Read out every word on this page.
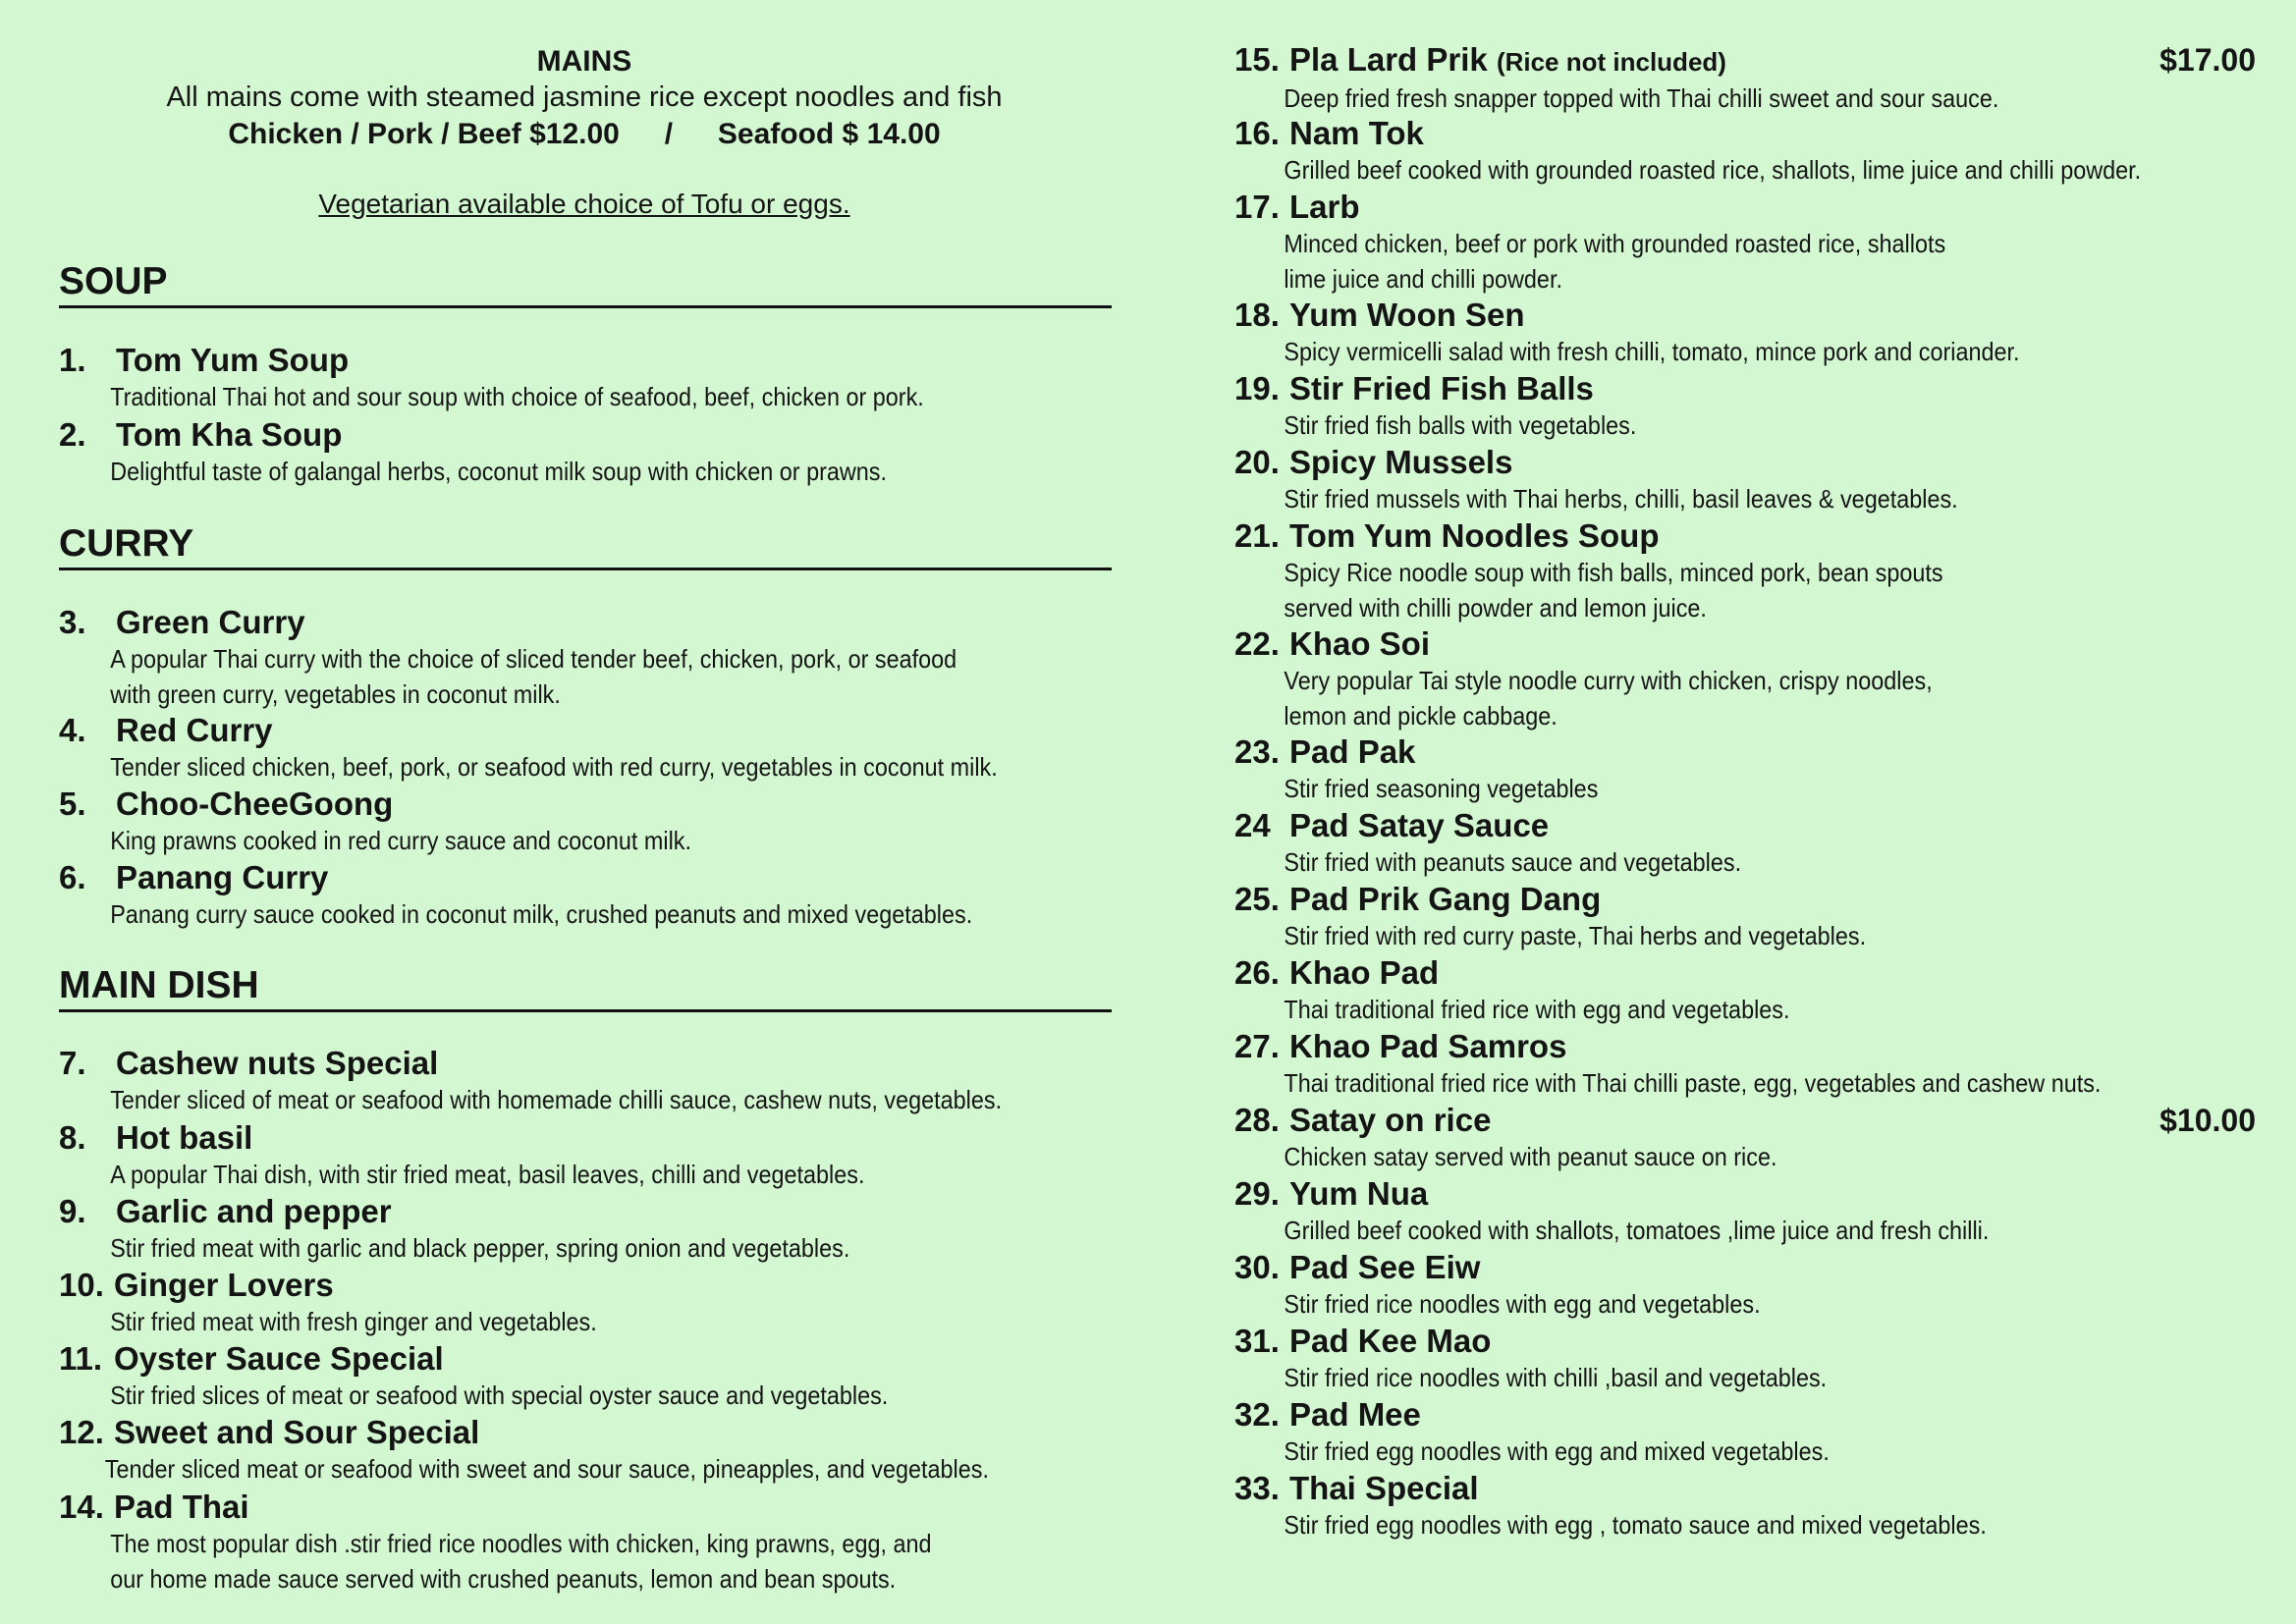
MAINS
All mains come with steamed jasmine rice except noodles and fish
Chicken / Pork / Beef $12.00 / Seafood $ 14.00
Vegetarian available choice of Tofu or eggs.
SOUP
1. Tom Yum Soup
Traditional Thai hot and sour soup with choice of seafood, beef, chicken or pork.
2. Tom Kha Soup
Delightful taste of galangal herbs, coconut milk soup with chicken or prawns.
CURRY
3. Green Curry
A popular Thai curry with the choice of sliced tender beef, chicken, pork, or seafood
with green curry, vegetables in coconut milk.
4. Red Curry
Tender sliced chicken, beef, pork, or seafood with red curry, vegetables in coconut milk.
5. Choo-CheeGoong
King prawns cooked in red curry sauce and coconut milk.
6. Panang Curry
Panang curry sauce cooked in coconut milk, crushed peanuts and mixed vegetables.
MAIN DISH
7. Cashew nuts Special
Tender sliced of meat or seafood with homemade chilli sauce, cashew nuts, vegetables.
8. Hot basil
A popular Thai dish, with stir fried meat, basil leaves, chilli and vegetables.
9. Garlic and pepper
Stir fried meat with garlic and black pepper, spring onion and vegetables.
10. Ginger Lovers
Stir fried meat with fresh ginger and vegetables.
11. Oyster Sauce Special
Stir fried slices of meat or seafood with special oyster sauce and vegetables.
12. Sweet and Sour Special
Tender sliced meat or seafood with sweet and sour sauce, pineapples, and vegetables.
14. Pad Thai
The most popular dish .stir fried rice noodles with chicken, king prawns, egg, and
our home made sauce served with crushed peanuts, lemon and bean spouts.
15. Pla Lard Prik (Rice not included)	$17.00
Deep fried fresh snapper topped with Thai chilli sweet and sour sauce.
16. Nam Tok
Grilled beef cooked with grounded roasted rice, shallots, lime juice and chilli powder.
17. Larb
Minced chicken, beef or pork with grounded roasted rice, shallots
lime juice and chilli powder.
18. Yum Woon Sen
Spicy vermicelli salad with fresh chilli, tomato, mince pork and coriander.
19. Stir Fried Fish Balls
Stir fried fish balls with vegetables.
20. Spicy Mussels
Stir fried mussels with Thai herbs, chilli, basil leaves & vegetables.
21. Tom Yum Noodles Soup
Spicy Rice noodle soup with fish balls, minced pork, bean spouts
served with chilli powder and lemon juice.
22. Khao Soi
Very popular Tai style noodle curry with chicken, crispy noodles,
lemon and pickle cabbage.
23. Pad Pak
Stir fried seasoning vegetables
24 Pad Satay Sauce
Stir fried with peanuts sauce and vegetables.
25. Pad Prik Gang Dang
Stir fried with red curry paste, Thai herbs and vegetables.
26. Khao Pad
Thai traditional fried rice with egg and vegetables.
27. Khao Pad Samros
Thai traditional fried rice with Thai chilli paste, egg, vegetables and cashew nuts.
28. Satay on rice	$10.00
Chicken satay served with peanut sauce on rice.
29. Yum Nua
Grilled beef cooked with shallots, tomatoes ,lime juice and fresh chilli.
30. Pad See Eiw
Stir fried rice noodles with egg and vegetables.
31. Pad Kee Mao
Stir fried rice noodles with chilli ,basil and vegetables.
32. Pad Mee
Stir fried egg noodles with egg and mixed vegetables.
33. Thai Special
Stir fried egg noodles with egg , tomato sauce and mixed vegetables.
